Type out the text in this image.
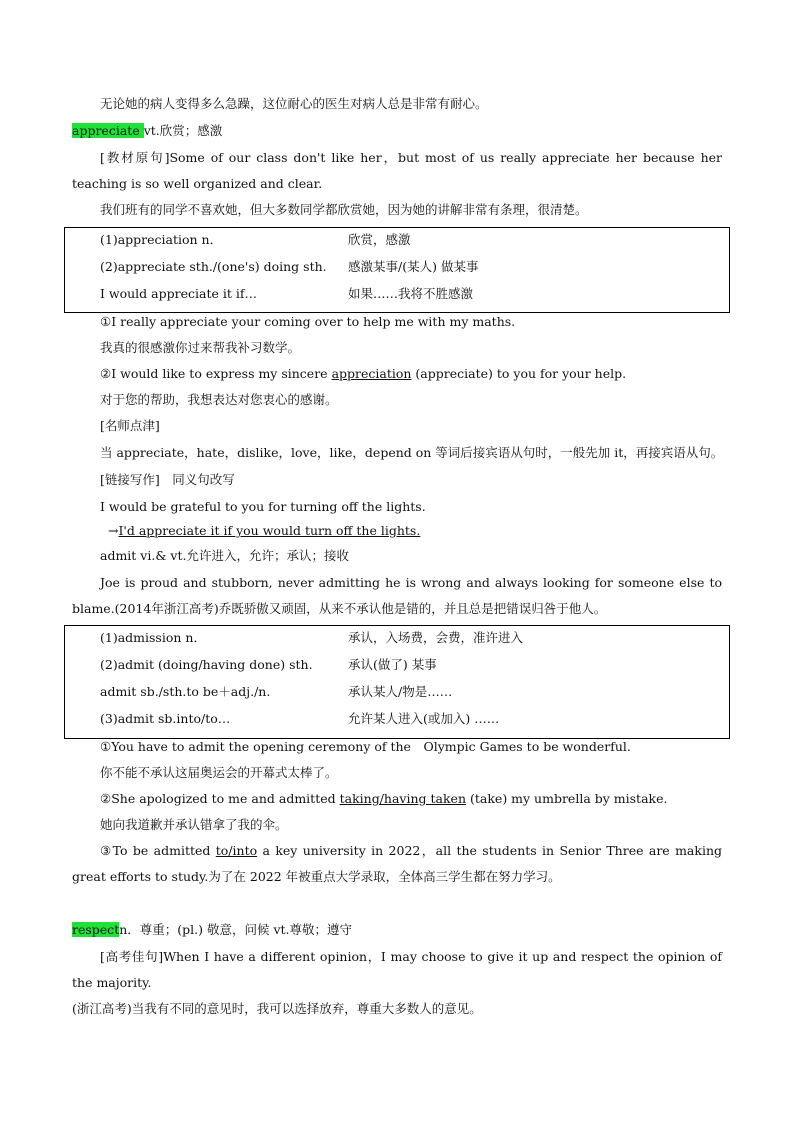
无论她的病人变得多么急躁，这位耐心的医生对病人总是非常有耐心。
appreciate vt.欣赏；感激
[教材原句]Some of our class don't like her，but most of us really appreciate her because her teaching is so well organized and clear.
我们班有的同学不喜欢她，但大多数同学都欣赏她，因为她的讲解非常有条理，很清楚。
(1)appreciation n．	欣赏，感激
(2)appreciate sth./(one's) doing sth. 感激某事/(某人) 做某事
I would appreciate it if…	如果……我将不胜感激
①I really appreciate your coming over to help me with my maths.
我真的很感激你过来帮我补习数学。
②I would like to express my sincere appreciation (appreciate) to you for your help.
对于您的帮助，我想表达对您衷心的感谢。
[名师点津]
当 appreciate，hate，dislike，love，like，depend on 等词后接宾语从句时，一般先加 it，再接宾语从句。
[链接写作]　同义句改写
I would be grateful to you for turning off the lights.
→I'd appreciate it if you would turn off the lights.
admit vi.& vt.允许进入，允许；承认；接收
Joe is proud and stubborn, never admitting he is wrong and always looking for someone else to blame.(2014年浙江高考)乔既骄傲又顽固，从来不承认他是错的，并且总是把错误归咎于他人。
(1)admission n．	承认，入场费，会费，准许进入
(2)admit (doing/having done) sth.	承认(做了) 某事
admit sb./sth.to be＋adj./n.	承认某人/物是……
(3)admit sb.into/to…	允许某人进入(或加入) ……
①You have to admit the opening ceremony of the　Olympic Games to be wonderful.
你不能不承认这届奥运会的开幕式太棒了。
②She apologized to me and admitted taking/having taken (take) my umbrella by mistake.
她向我道歉并承认错拿了我的伞。
③To be admitted to/into a key university in 2022，all the students in Senior Three are making great efforts to study.为了在 2022 年被重点大学录取，全体高三学生都在努力学习。
respectn．尊重；(pl.) 敬意，问候 vt.尊敬；遵守
[高考佳句]When I have a different opinion，I may choose to give it up and respect the opinion of the majority.
(浙江高考)当我有不同的意见时，我可以选择放弃，尊重大多数人的意见。
